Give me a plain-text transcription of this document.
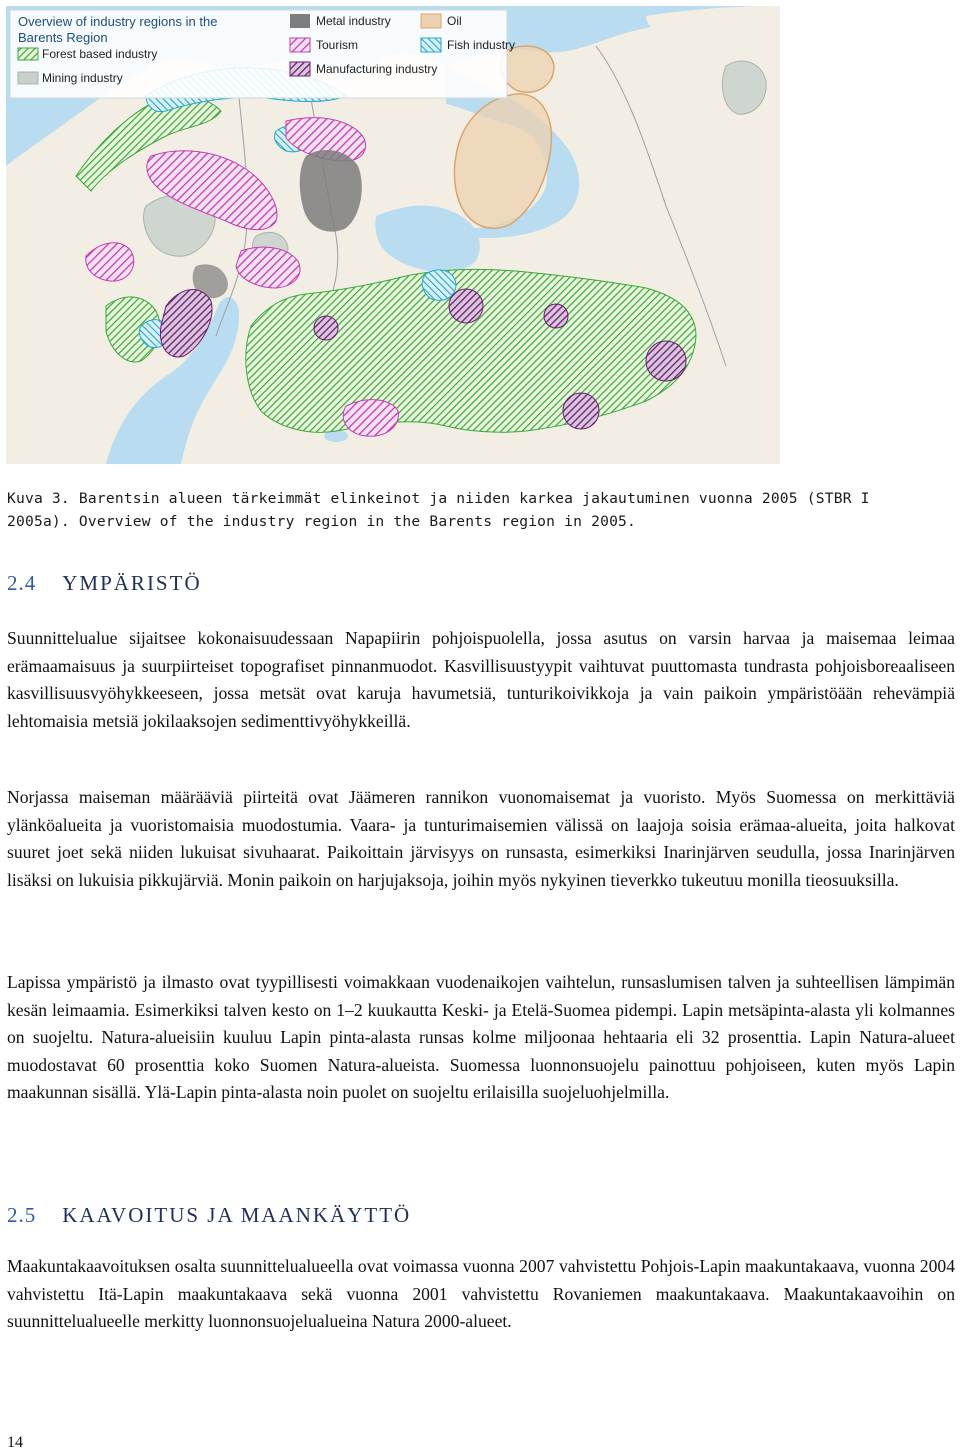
Overview of industry regions in the
Barents Region
Forest based industry
Mining industry
Metal industry
Tourism
Manufacturing industry
Oil
Fish industry
Kuva 3. Barentsin alueen tärkeimmät elinkeinot ja niiden karkea jakautuminen vuonna 2005 (STBR I
2005a). Overview of the industry region in the Barents region in 2005.
2.4 YMPÄRISTÖ
Suunnittelualue sijaitsee kokonaisuudessaan Napapiirin pohjoispuolella, jossa asutus on varsin harvaa ja maisemaa leimaa erämaamaisuus ja suurpiirteiset topografiset pinnanmuodot. Kasvillisuustyypit vaihtuvat puuttomasta tundrasta pohjoisboreaaliseen kasvillisuusvyöhykkeeseen, jossa metsät ovat karuja havumetsiä, tunturikoivikkoja ja vain paikoin ympäristöään rehevämpiä lehtomaisia metsiä jokilaaksojen sedimenttivyöhykkeillä.
Norjassa maiseman määrääviä piirteitä ovat Jäämeren rannikon vuonomaisemat ja vuoristo. Myös Suomessa on merkittäviä ylänköalueita ja vuoristomaisia muodostumia. Vaara- ja tunturimaisemien välissä on laajoja soisia erämaa-alueita, joita halkovat suuret joet sekä niiden lukuisat sivuhaarat. Paikoittain järvisyys on runsasta, esimerkiksi Inarinjärven seudulla, jossa Inarinjärven lisäksi on lukuisia pikkujärviä. Monin paikoin on harjujaksoja, joihin myös nykyinen tieverkko tukeutuu monilla tieosuuksilla.
Lapissa ympäristö ja ilmasto ovat tyypillisesti voimakkaan vuodenaikojen vaihtelun, runsaslumisen talven ja suhteellisen lämpimän kesän leimaamia. Esimerkiksi talven kesto on 1–2 kuukautta Keski- ja Etelä-Suomea pidempi. Lapin metsäpinta-alasta yli kolmannes on suojeltu. Natura-alueisiin kuuluu Lapin pinta-alasta runsas kolme miljoonaa hehtaaria eli 32 prosenttia. Lapin Natura-alueet muodostavat 60 prosenttia koko Suomen Natura-alueista. Suomessa luonnonsuojelu painottuu pohjoiseen, kuten myös Lapin maakunnan sisällä. Ylä-Lapin pinta-alasta noin puolet on suojeltu erilaisilla suojeluohjelmilla.
2.5 KAAVOITUS JA MAANKÄYTTÖ
Maakuntakaavoituksen osalta suunnittelualueella ovat voimassa vuonna 2007 vahvistettu Pohjois-Lapin maakuntakaava, vuonna 2004 vahvistettu Itä-Lapin maakuntakaava sekä vuonna 2001 vahvistettu Rovaniemen maakuntakaava. Maakuntakaavoihin on suunnittelualueelle merkitty luonnonsuojelualueina Natura 2000-alueet.
14
